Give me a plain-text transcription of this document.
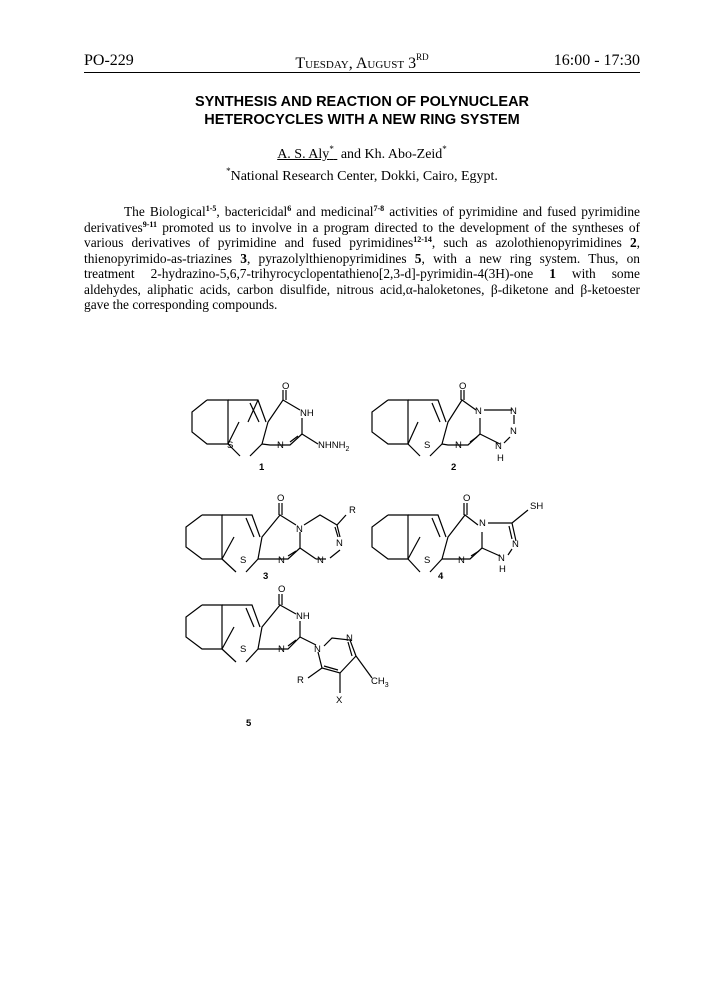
PO-229	Tuesday, August 3RD	16:00 - 17:30
SYNTHESIS AND REACTION OF POLYNUCLEAR
HETEROCYCLES WITH A NEW RING SYSTEM
A. S. Aly*  and Kh. Abo-Zeid*
*National Research Center, Dokki, Cairo, Egypt.
The Biological$^{1-5}$, bactericidal$^6$ and medicinal$^{7-8}$ activities of pyrimidine and fused pyrimidine derivatives$^{9-11}$ promoted us to involve in a program directed to the development of the syntheses of various derivatives of pyrimidine and fused pyrimidines$^{12-14}$, such as azolothienopyrimidines 2, thienopyrimido-as-triazines 3, pyrazolylthienopyrimidines 5, with a new ring system. Thus, on treatment 2-hydrazino-5,6,7-trihyrocyclopentathieno[2,3-d]-pyrimidin-4(3H)-one 1 with some aldehydes, aliphatic acids, carbon disulfide, nitrous acid,α-haloketones, β-diketone and β-ketoester gave the corresponding compounds.
O
NH
S	N	$NHNH_2$
1
O
N	N
N
N
S	N
H
2
O
N
R
S	N	N
N
3
O
N
SH
S	N
N
N
H
4
O
NH
S	N	N
N
R
X
$CH_3$
5
